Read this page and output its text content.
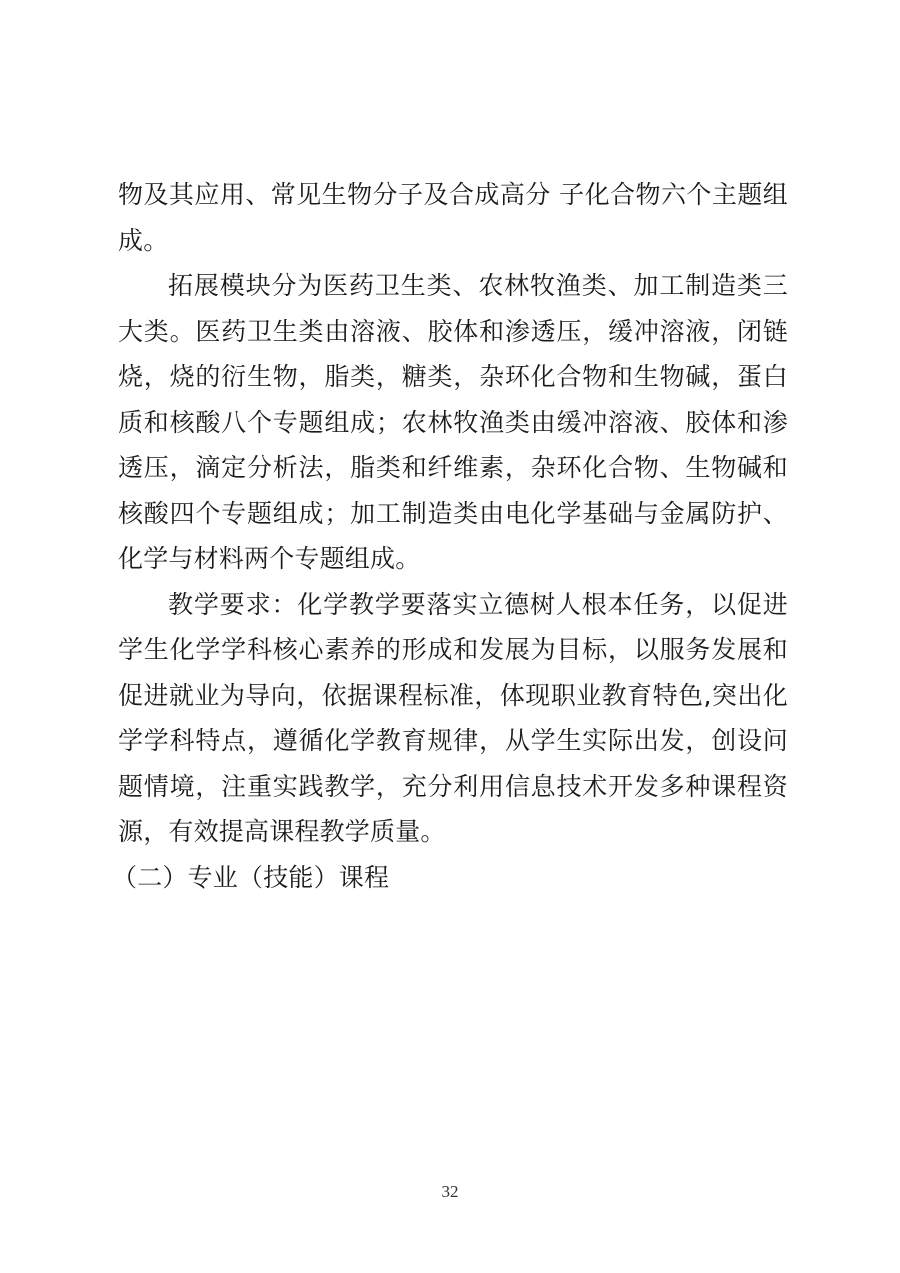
物及其应用、常见生物分子及合成高分 子化合物六个主题组成。

拓展模块分为医药卫生类、农林牧渔类、加工制造类三大类。医药卫生类由溶液、胶体和渗透压，缓冲溶液，闭链烧，烧的衍生物，脂类，糖类，杂环化合物和生物碱，蛋白质和核酸八个专题组成；农林牧渔类由缓冲溶液、胶体和渗透压，滴定分析法，脂类和纤维素，杂环化合物、生物碱和核酸四个专题组成；加工制造类由电化学基础与金属防护、化学与材料两个专题组成。

教学要求：化学教学要落实立德树人根本任务，以促进学生化学学科核心素养的形成和发展为目标，以服务发展和促进就业为导向，依据课程标准，体现职业教育特色,突出化学学科特点，遵循化学教育规律，从学生实际出发，创设问题情境，注重实践教学，充分利用信息技术开发多种课程资源，有效提高课程教学质量。

（二）专业（技能）课程

32
